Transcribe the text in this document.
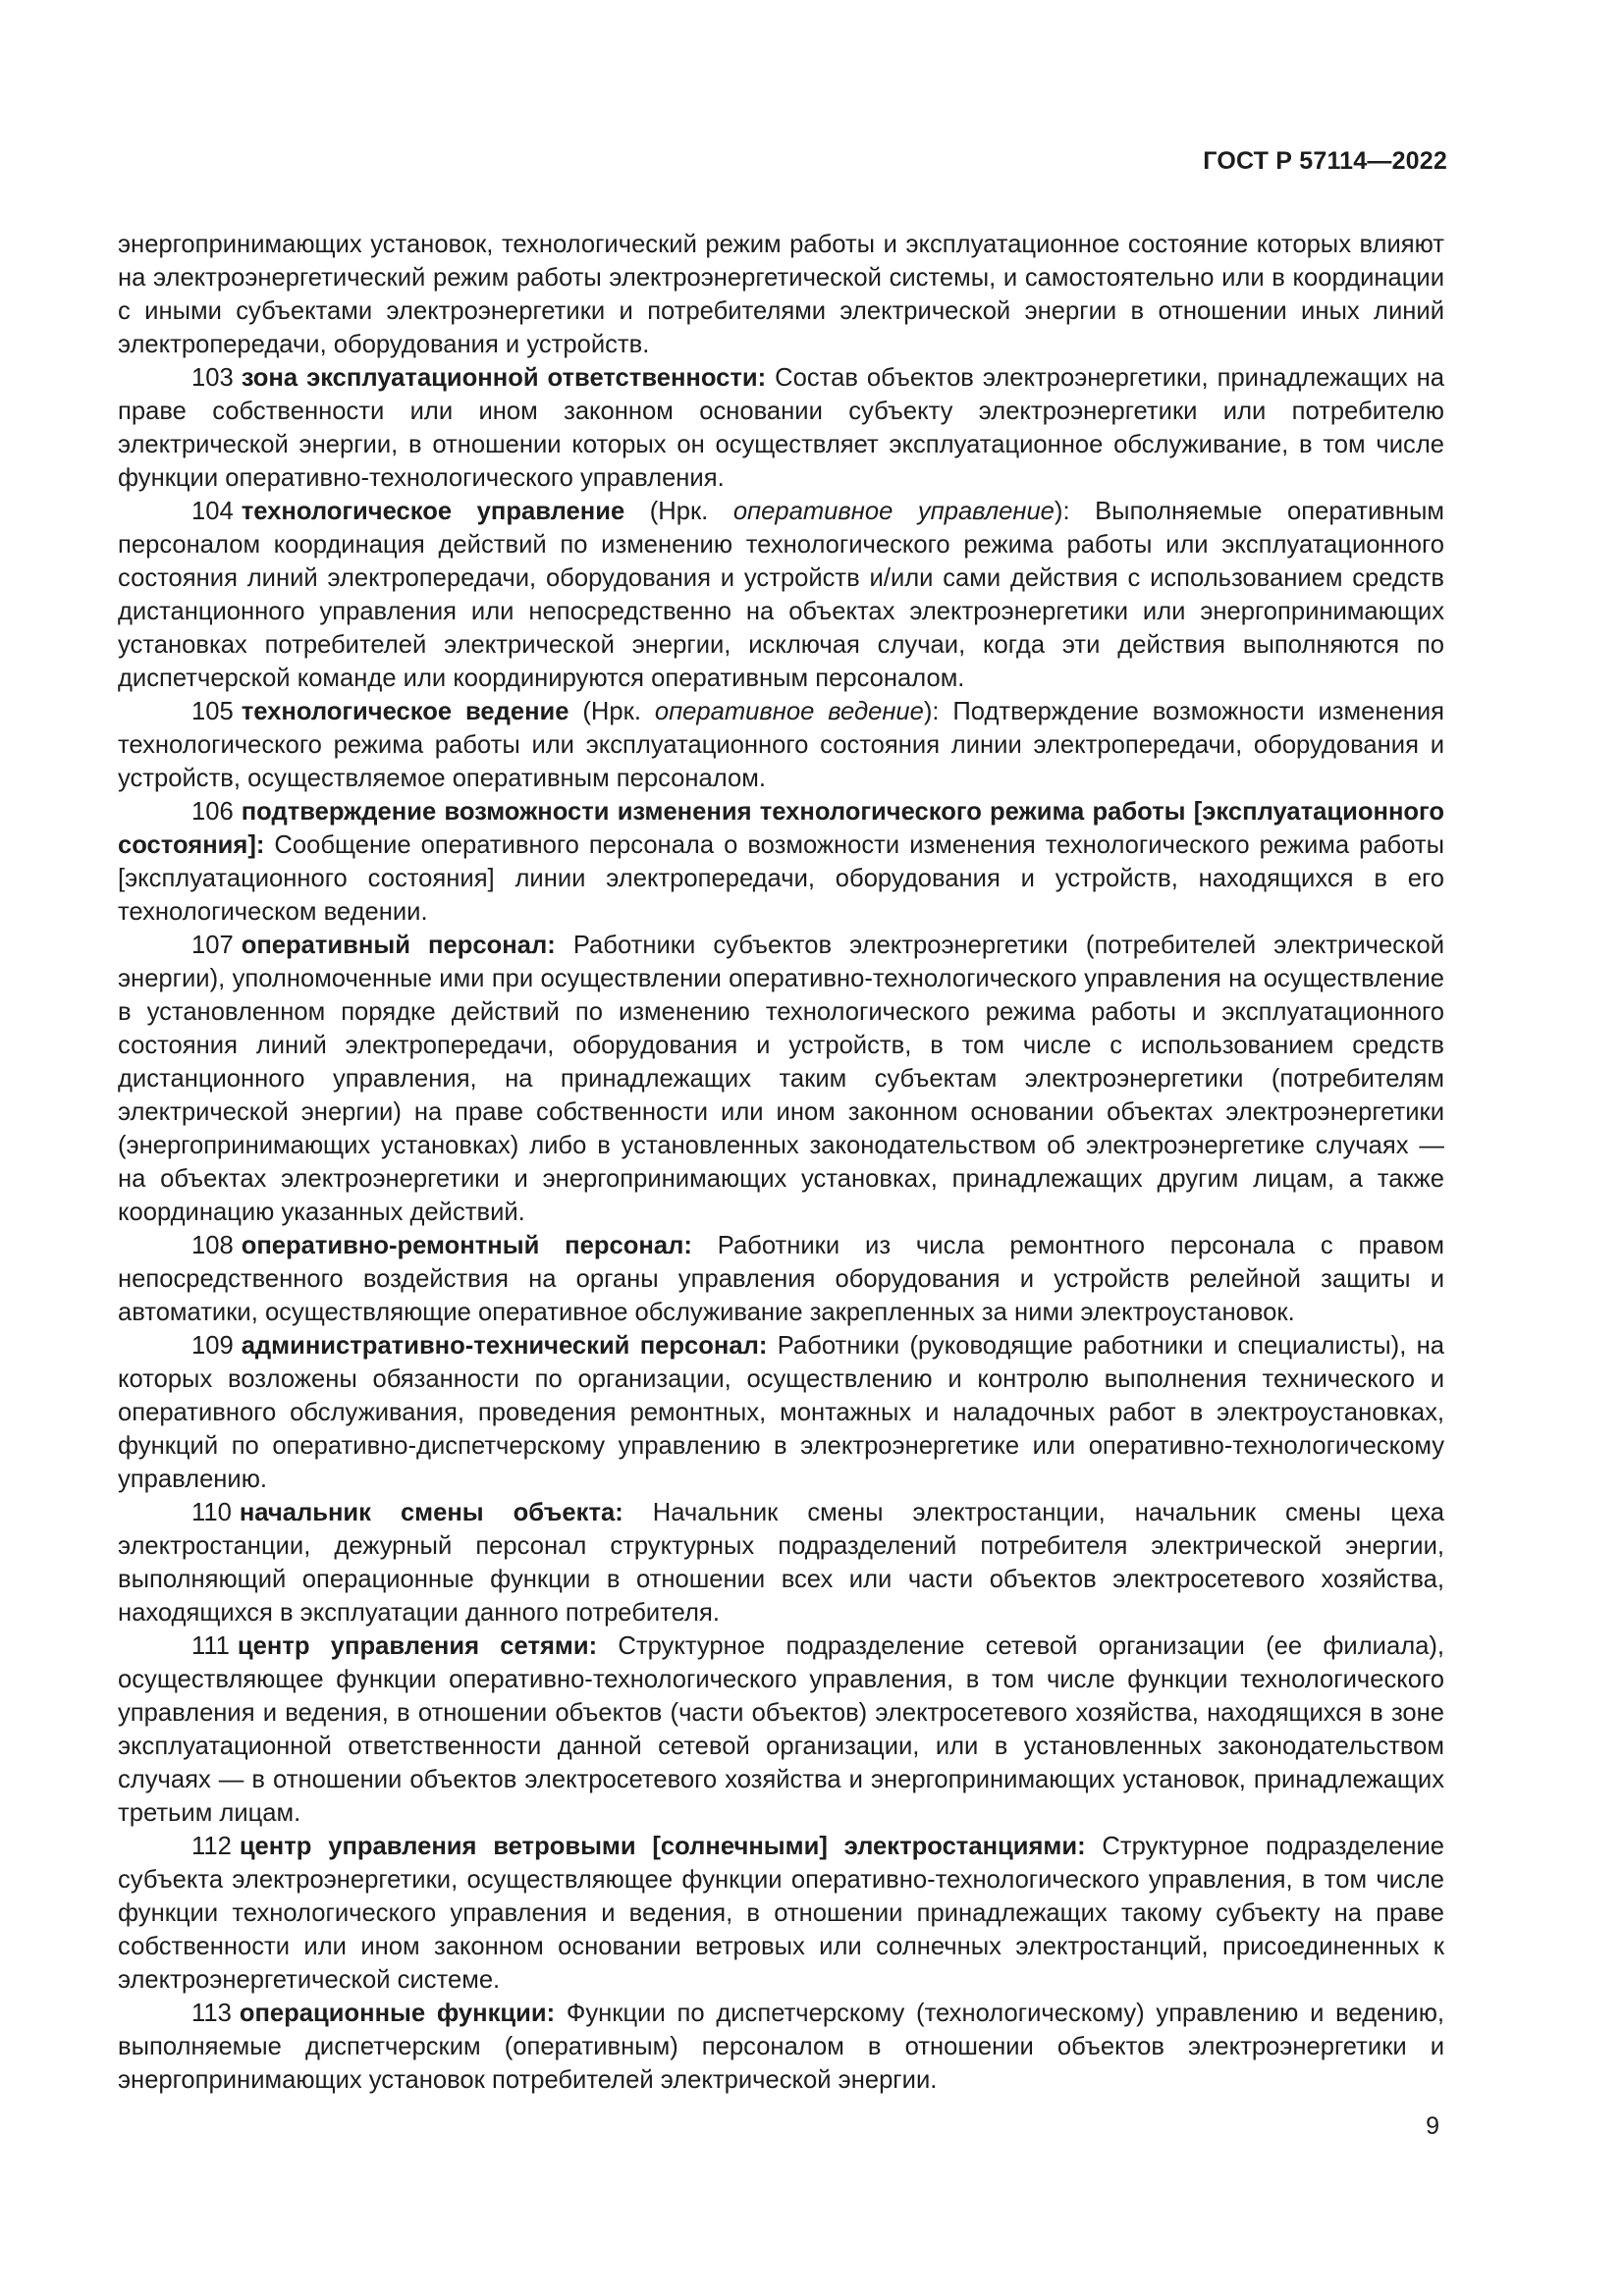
ГОСТ Р 57114—2022

энергопринимающих установок, технологический режим работы и эксплуатационное состояние которых влияют на электроэнергетический режим работы электроэнергетической системы, и самостоятельно или в координации с иными субъектами электроэнергетики и потребителями электрической энергии в отношении иных линий электропередачи, оборудования и устройств.

103 зона эксплуатационной ответственности: Состав объектов электроэнергетики, принадлежащих на праве собственности или ином законном основании субъекту электроэнергетики или потребителю электрической энергии, в отношении которых он осуществляет эксплуатационное обслуживание, в том числе функции оперативно-технологического управления.

104 технологическое управление (Нрк. оперативное управление): Выполняемые оперативным персоналом координация действий по изменению технологического режима работы или эксплуатационного состояния линий электропередачи, оборудования и устройств и/или сами действия с использованием средств дистанционного управления или непосредственно на объектах электроэнергетики или энергопринимающих установках потребителей электрической энергии, исключая случаи, когда эти действия выполняются по диспетчерской команде или координируются оперативным персоналом.

105 технологическое ведение (Нрк. оперативное ведение): Подтверждение возможности изменения технологического режима работы или эксплуатационного состояния линии электропередачи, оборудования и устройств, осуществляемое оперативным персоналом.

106 подтверждение возможности изменения технологического режима работы [эксплуатационного состояния]: Сообщение оперативного персонала о возможности изменения технологического режима работы [эксплуатационного состояния] линии электропередачи, оборудования и устройств, находящихся в его технологическом ведении.

107 оперативный персонал: Работники субъектов электроэнергетики (потребителей электрической энергии), уполномоченные ими при осуществлении оперативно-технологического управления на осуществление в установленном порядке действий по изменению технологического режима работы и эксплуатационного состояния линий электропередачи, оборудования и устройств, в том числе с использованием средств дистанционного управления, на принадлежащих таким субъектам электроэнергетики (потребителям электрической энергии) на праве собственности или ином законном основании объектах электроэнергетики (энергопринимающих установках) либо в установленных законодательством об электроэнергетике случаях — на объектах электроэнергетики и энергопринимающих установках, принадлежащих другим лицам, а также координацию указанных действий.

108 оперативно-ремонтный персонал: Работники из числа ремонтного персонала с правом непосредственного воздействия на органы управления оборудования и устройств релейной защиты и автоматики, осуществляющие оперативное обслуживание закрепленных за ними электроустановок.

109 административно-технический персонал: Работники (руководящие работники и специалисты), на которых возложены обязанности по организации, осуществлению и контролю выполнения технического и оперативного обслуживания, проведения ремонтных, монтажных и наладочных работ в электроустановках, функций по оперативно-диспетчерскому управлению в электроэнергетике или оперативно-технологическому управлению.

110 начальник смены объекта: Начальник смены электростанции, начальник смены цеха электростанции, дежурный персонал структурных подразделений потребителя электрической энергии, выполняющий операционные функции в отношении всех или части объектов электросетевого хозяйства, находящихся в эксплуатации данного потребителя.

111 центр управления сетями: Структурное подразделение сетевой организации (ее филиала), осуществляющее функции оперативно-технологического управления, в том числе функции технологического управления и ведения, в отношении объектов (части объектов) электросетевого хозяйства, находящихся в зоне эксплуатационной ответственности данной сетевой организации, или в установленных законодательством случаях — в отношении объектов электросетевого хозяйства и энергопринимающих установок, принадлежащих третьим лицам.

112 центр управления ветровыми [солнечными] электростанциями: Структурное подразделение субъекта электроэнергетики, осуществляющее функции оперативно-технологического управления, в том числе функции технологического управления и ведения, в отношении принадлежащих такому субъекту на праве собственности или ином законном основании ветровых или солнечных электростанций, присоединенных к электроэнергетической системе.

113 операционные функции: Функции по диспетчерскому (технологическому) управлению и ведению, выполняемые диспетчерским (оперативным) персоналом в отношении объектов электроэнергетики и энергопринимающих установок потребителей электрической энергии.

9
